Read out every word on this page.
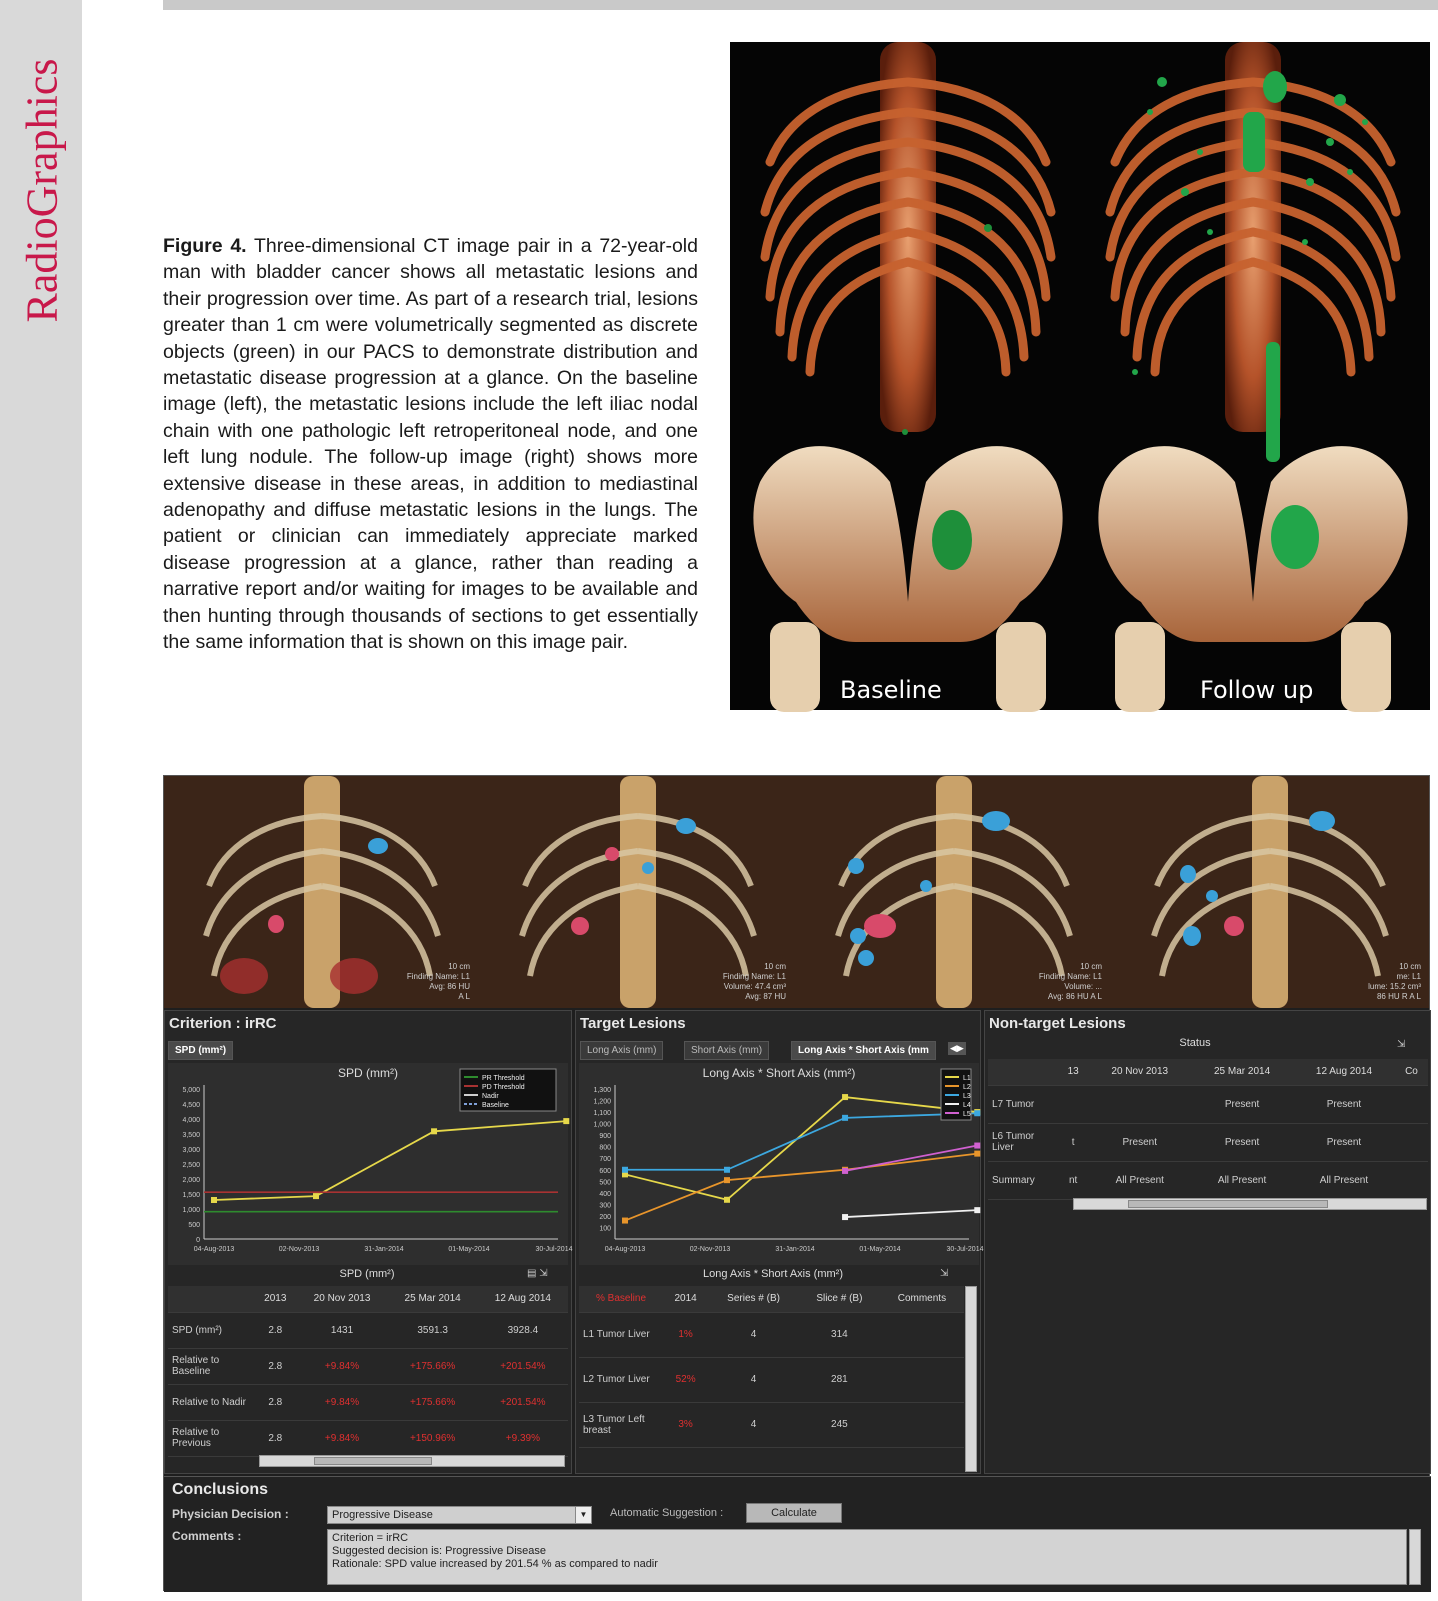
RadioGraphics	Figure 4. Three-dimensional CT image pair in a 72-year-old man with bladder cancer shows all metastatic lesions and their progression over time. As part of a research trial, lesions greater than 1 cm were volumetrically segmented as discrete objects (green) in our PACS to demonstrate distribution and metastatic disease progression at a glance. On the baseline image (left), the metastatic lesions include the left iliac nodal chain with one pathologic left retroperitoneal node, and one left lung nodule. The follow-up image (right) shows more extensive disease in these areas, in addition to mediastinal adenopathy and diffuse metastatic lesions in the lungs. The patient or clinician can immediately appreciate marked disease progression at a glance, rather than reading a narrative report and/or waiting for images to be available and then hunting through thousands of sections to get essentially the same information that is shown on this image pair.
Baseline	Follow up
10 cm
Finding Name: L1
Avg: 86 HU
A L
10 cm
Finding Name: L1
Volume: 47.4 cm³
Avg: 87 HU
10 cm
Finding Name: L1
Volume: ...
Avg: 86 HU A L
10 cm
me: L1
lume: 15.2 cm³
86 HU R A L
Criterion : irRC
SPD (mm²)
SPD (mm²)
5,000
4,500
4,000
3,500
3,000
2,500
2,000
1,500
1,000
500
0
04-Aug-2013	02-Nov-2013	31-Jan-2014	01-May-2014	30-Jul-2014
PR Threshold
PD Threshold
Nadir
Baseline
SPD (mm²)	▤ ⇲
	2013	20 Nov 2013	25 Mar 2014	12 Aug 2014
SPD (mm²)	2.8	1431	3591.3	3928.4
Relative to Baseline	2.8	+9.84%	+175.66%	+201.54%
Relative to Nadir	2.8	+9.84%	+175.66%	+201.54%
Relative to Previous	2.8	+9.84%	+150.96%	+9.39%
Target Lesions
Long Axis (mm)	Short Axis (mm)	Long Axis * Short Axis (mm	◀▶
Long Axis * Short Axis (mm²)
1,300
1,200
1,100
1,000
900
800
700
600
500
400
300
200
100
04-Aug-2013	02-Nov-2013	31-Jan-2014	01-May-2014	30-Jul-2014
L1
L2
L3
L4
L5
Long Axis * Short Axis (mm²)	⇲
% Baseline	2014	Series # (B)	Slice # (B)	Comments
L1 Tumor Liver	1%	4	314	
L2 Tumor Liver	52%	4	281	
L3 Tumor Left breast	3%	4	245	
Non-target Lesions
Status	⇲
	13	20 Nov 2013	25 Mar 2014	12 Aug 2014	Co
L7 Tumor			Present	Present	
L6 Tumor Liver	t	Present	Present	Present	
Summary	nt	All Present	All Present	All Present	
Conclusions
Physician Decision :	Progressive Disease	▼	Automatic Suggestion :	Calculate
Comments :	Criterion = irRC
Suggested decision is: Progressive Disease
Rationale: SPD value increased by 201.54 % as compared to nadir
